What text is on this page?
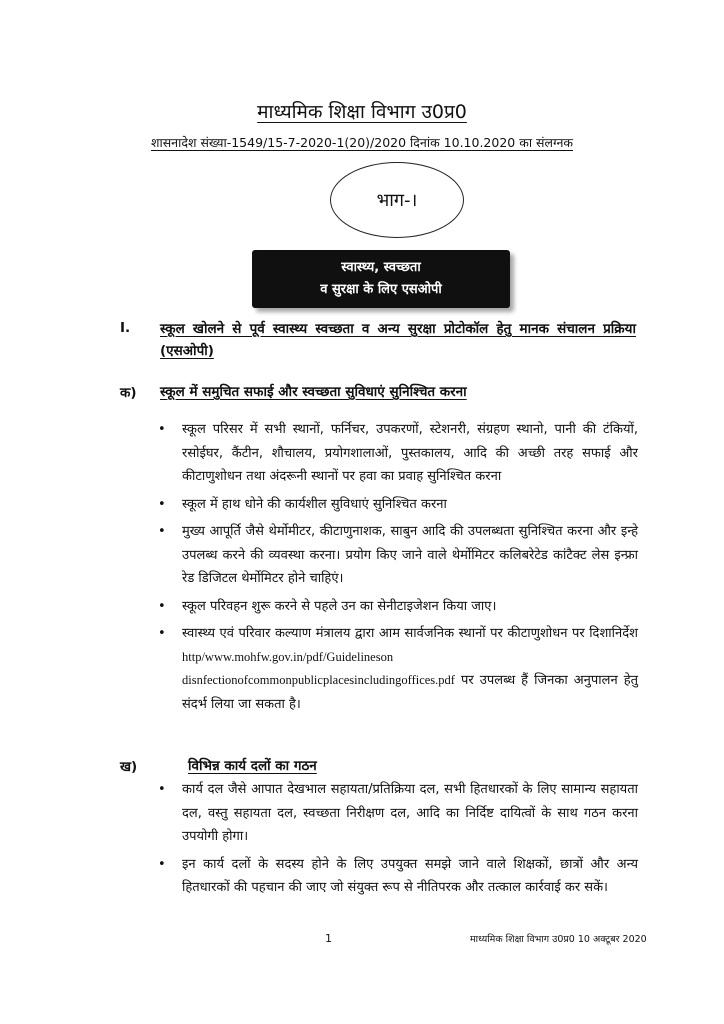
माध्यमिक शिक्षा विभाग उ0प्र0
शासनादेश संख्या-1549/15-7-2020-1(20)/2020 दिनांक 10.10.2020 का संलग्नक
भाग-।
स्वास्थ्य, स्वच्छता
व सुरक्षा के लिए एसओपी
I. स्कूल खोलने से पूर्व स्वास्थ्य स्वच्छता व अन्य सुरक्षा प्रोटोकॉल हेतु मानक संचालन प्रक्रिया (एसओपी)
क) स्कूल में समुचित सफाई और स्वच्छता सुविधाएं सुनिश्चित करना
• स्कूल परिसर में सभी स्थानों, फर्निचर, उपकरणों, स्टेशनरी, संग्रहण स्थानो, पानी की टंकियों, रसोईघर, कैंटीन, शौचालय, प्रयोगशालाओं, पुस्तकालय, आदि की अच्छी तरह सफाई और कीटाणुशोधन तथा अंदरूनी स्थानों पर हवा का प्रवाह सुनिश्चित करना
• स्कूल में हाथ धोने की कार्यशील सुविधाएं सुनिश्चित करना
• मुख्य आपूर्ति जैसे थेर्मोमीटर, कीटाणुनाशक, साबुन आदि की उपलब्धता सुनिश्चित करना और इन्हे उपलब्ध करने की व्यवस्था करना। प्रयोग किए जाने वाले थेर्मोमिटर कलिबरेटेड कांटैक्ट लेस इन्फ्रा रेड डिजिटल थेर्मोमिटर होने चाहिएं।
• स्कूल परिवहन शुरू करने से पहले उन का सेनीटाइजेशन किया जाए।
• स्वास्थ्य एवं परिवार कल्याण मंत्रालय द्वारा आम सार्वजनिक स्थानों पर कीटाणुशोधन पर दिशानिर्देश http/www.mohfw.gov.in/pdf/Guidelineson disnfectionofcommonpublicplacesincludingoffices.pdf पर उपलब्ध हैं जिनका अनुपालन हेतु संदर्भ लिया जा सकता है।
ख)	विभिन्न कार्य दलों का गठन
• कार्य दल जैसे आपात देखभाल सहायता/प्रतिक्रिया दल, सभी हितधारकों के लिए सामान्य सहायता दल, वस्तु सहायता दल, स्वच्छता निरीक्षण दल, आदि का निर्दिष्ट दायित्वों के साथ गठन करना उपयोगी होगा।
• इन कार्य दलों के सदस्य होने के लिए उपयुक्त समझे जाने वाले शिक्षकों, छात्रों और अन्य हितधारकों की पहचान की जाए जो संयुक्त रूप से नीतिपरक और तत्काल कार्रवाई कर सकें।
1	माध्यमिक शिक्षा विभाग उ0प्र0 10 अक्टूबर 2020
